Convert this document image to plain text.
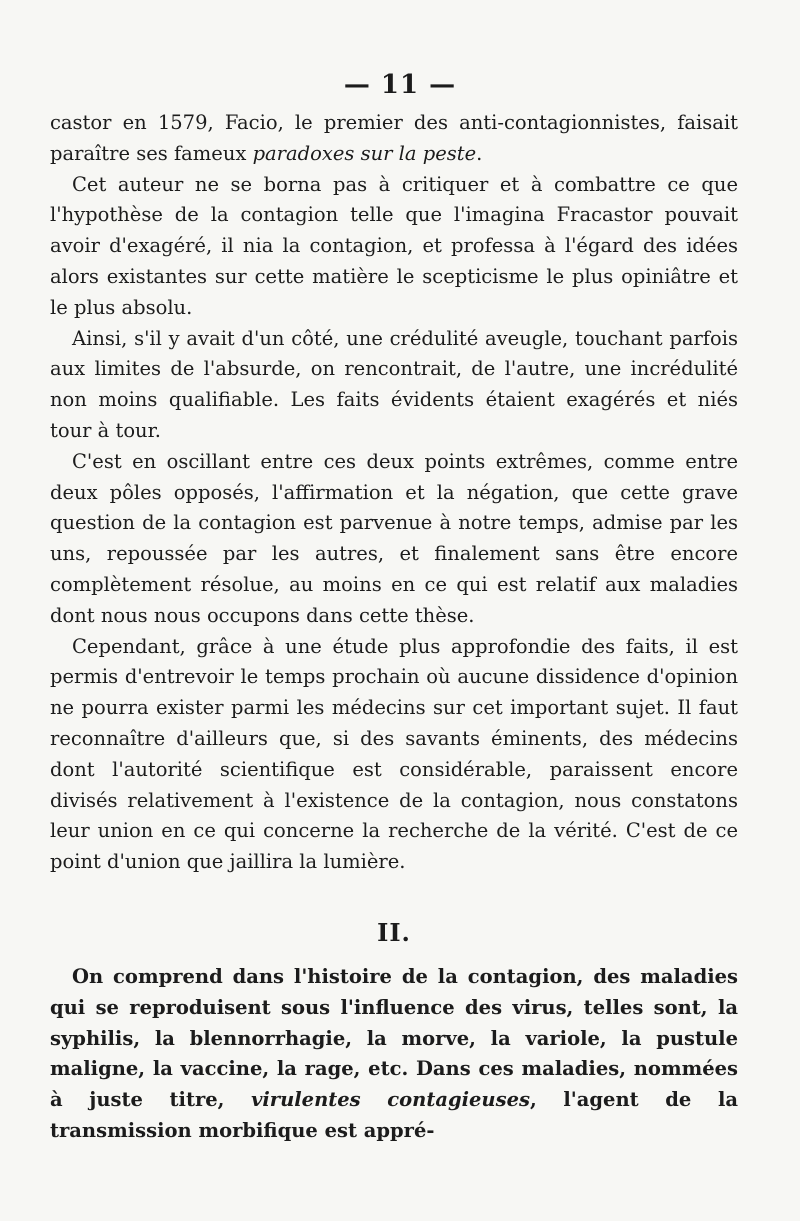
— 11 —

castor en 1579, Facio, le premier des anti-contagionnistes, faisait paraître ses fameux paradoxes sur la peste.

Cet auteur ne se borna pas à critiquer et à combattre ce que l'hypothèse de la contagion telle que l'imagina Fracastor pouvait avoir d'exagéré, il nia la contagion, et professa à l'égard des idées alors existantes sur cette matière le scepticisme le plus opiniâtre et le plus absolu.

Ainsi, s'il y avait d'un côté, une crédulité aveugle, touchant parfois aux limites de l'absurde, on rencontrait, de l'autre, une incrédulité non moins qualifiable. Les faits évidents étaient exagérés et niés tour à tour.

C'est en oscillant entre ces deux points extrêmes, comme entre deux pôles opposés, l'affirmation et la négation, que cette grave question de la contagion est parvenue à notre temps, admise par les uns, repoussée par les autres, et finalement sans être encore complètement résolue, au moins en ce qui est relatif aux maladies dont nous nous occupons dans cette thèse.

Cependant, grâce à une étude plus approfondie des faits, il est permis d'entrevoir le temps prochain où aucune dissidence d'opinion ne pourra exister parmi les médecins sur cet important sujet. Il faut reconnaître d'ailleurs que, si des savants éminents, des médecins dont l'autorité scientifique est considérable, paraissent encore divisés relativement à l'existence de la contagion, nous constatons leur union en ce qui concerne la recherche de la vérité. C'est de ce point d'union que jaillira la lumière.

II.

On comprend dans l'histoire de la contagion, des maladies qui se reproduisent sous l'influence des virus, telles sont, la syphilis, la blennorrhagie, la morve, la variole, la pustule maligne, la vaccine, la rage, etc. Dans ces maladies, nommées à juste titre, virulentes contagieuses, l'agent de la transmission morbifique est appré-
